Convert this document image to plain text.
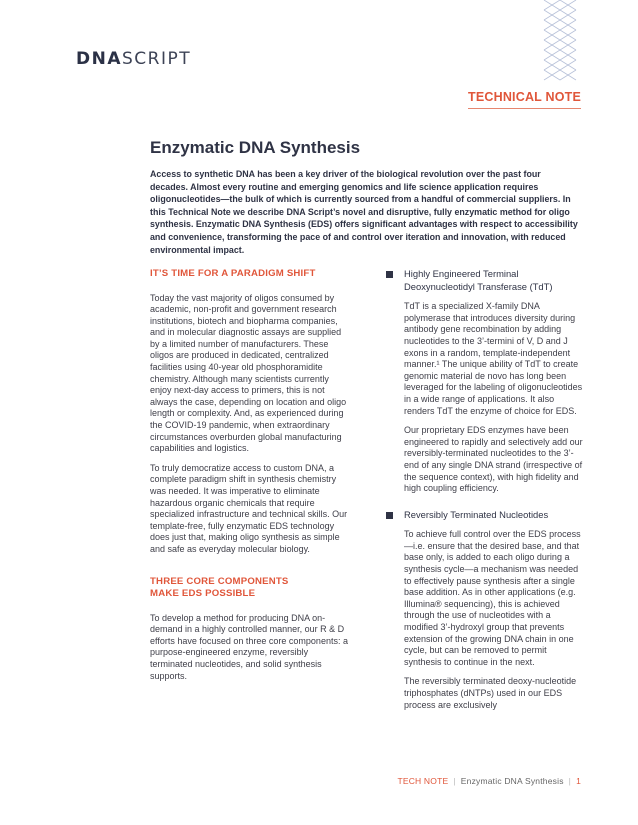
DNASCRIPT
TECHNICAL NOTE
Enzymatic DNA Synthesis
Access to synthetic DNA has been a key driver of the biological revolution over the past four decades. Almost every routine and emerging genomics and life science application requires oligonucleotides—the bulk of which is currently sourced from a handful of commercial suppliers. In this Technical Note we describe DNA Script’s novel and disruptive, fully enzymatic method for oligo synthesis. Enzymatic DNA Synthesis (EDS) offers significant advantages with respect to accessibility and convenience, transforming the pace of and control over iteration and innovation, with reduced environmental impact.
IT’S TIME FOR A PARADIGM SHIFT
Today the vast majority of oligos consumed by academic, non-profit and government research institutions, biotech and biopharma companies, and in molecular diagnostic assays are supplied by a limited number of manufacturers. These oligos are produced in dedicated, centralized facilities using 40-year old phosphoramidite chemistry. Although many scientists currently enjoy next-day access to primers, this is not always the case, depending on location and oligo length or complexity. And, as experienced during the COVID-19 pandemic, when extraordinary circumstances overburden global manufacturing capabilities and logistics.
To truly democratize access to custom DNA, a complete paradigm shift in synthesis chemistry was needed. It was imperative to eliminate hazardous organic chemicals that require specialized infrastructure and technical skills. Our template-free, fully enzymatic EDS technology does just that, making oligo synthesis as simple and safe as everyday molecular biology.
THREE CORE COMPONENTS
MAKE EDS POSSIBLE
To develop a method for producing DNA on-demand in a highly controlled manner, our R & D efforts have focused on three core components: a purpose-engineered enzyme, reversibly terminated nucleotides, and solid synthesis supports.
Highly Engineered Terminal Deoxynucleotidyl Transferase (TdT)
TdT is a specialized X-family DNA polymerase that introduces diversity during antibody gene recombination by adding nucleotides to the 3’-termini of V, D and J exons in a random, template-independent manner.¹ The unique ability of TdT to create genomic material de novo has long been leveraged for the labeling of oligonucleotides in a wide range of applications. It also renders TdT the enzyme of choice for EDS.
Our proprietary EDS enzymes have been engineered to rapidly and selectively add our reversibly-terminated nucleotides to the 3’-end of any single DNA strand (irrespective of the sequence context), with high fidelity and high coupling efficiency.
Reversibly Terminated Nucleotides
To achieve full control over the EDS process—i.e. ensure that the desired base, and that base only, is added to each oligo during a synthesis cycle—a mechanism was needed to effectively pause synthesis after a single base addition. As in other applications (e.g. Illumina® sequencing), this is achieved through the use of nucleotides with a modified 3’-hydroxyl group that prevents extension of the growing DNA chain in one cycle, but can be removed to permit synthesis to continue in the next.
The reversibly terminated deoxy-nucleotide triphosphates (dNTPs) used in our EDS process are exclusively
TECH NOTE | Enzymatic DNA Synthesis | 1
